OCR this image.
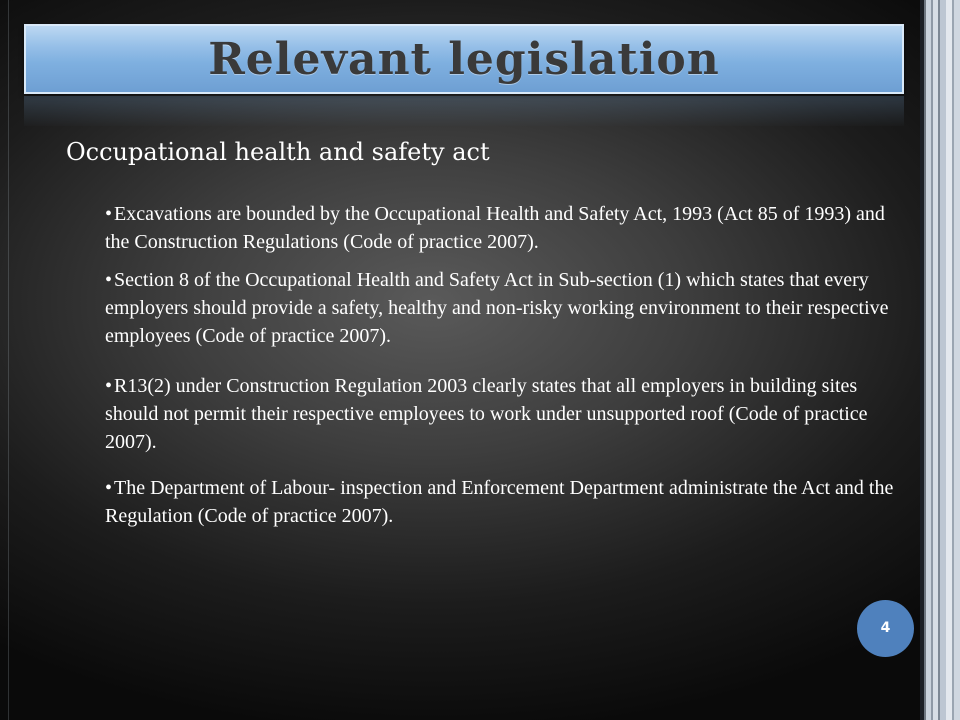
Relevant legislation
Occupational health and safety act
• Excavations are bounded by the Occupational Health and Safety Act, 1993 (Act 85 of 1993) and the Construction Regulations (Code of practice 2007).
• Section 8 of the Occupational Health and Safety Act in Sub-section (1) which states that every employers should provide a safety, healthy and non-risky working environment to their respective employees (Code of practice 2007).
• R13(2) under Construction Regulation 2003 clearly states that all employers in building sites should not permit their respective employees to work under unsupported roof (Code of practice 2007).
• The Department of Labour- inspection and Enforcement Department administrate the Act and the Regulation (Code of practice 2007).
4
